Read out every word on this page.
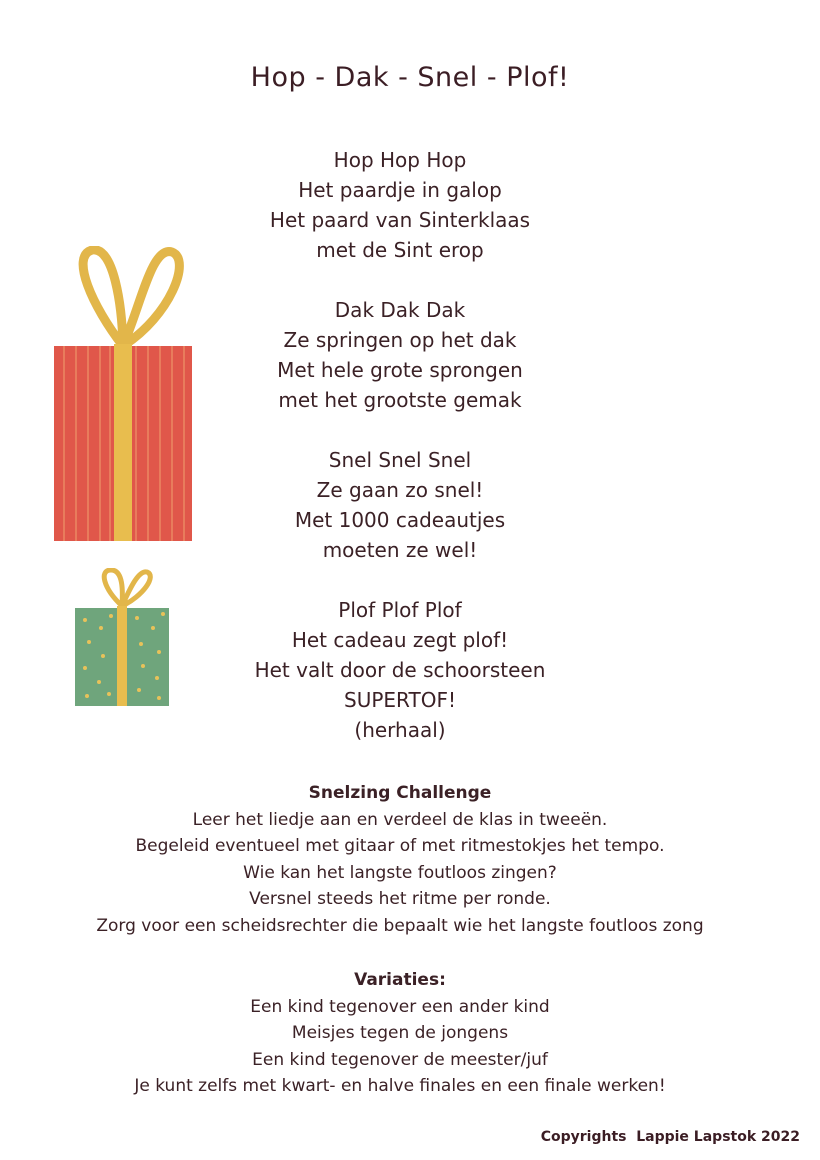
Hop - Dak - Snel - Plof!
Hop Hop Hop
Het paardje in galop
Het paard van Sinterklaas
met de Sint erop
Dak Dak Dak
Ze springen op het dak
Met hele grote sprongen
met het grootste gemak
Snel Snel Snel
Ze gaan zo snel!
Met 1000 cadeautjes
moeten ze wel!
Plof Plof Plof
Het cadeau zegt plof!
Het valt door de schoorsteen
SUPERTOF!
(herhaal)
Snelzing Challenge
Leer het liedje aan en verdeel de klas in tweeën.
Begeleid eventueel met gitaar of met ritmestokjes het tempo.
Wie kan het langste foutloos zingen?
Versnel steeds het ritme per ronde.
Zorg voor een scheidsrechter die bepaalt wie het langste foutloos zong
Variaties:
Een kind tegenover een ander kind
Meisjes tegen de jongens
Een kind tegenover de meester/juf
Je kunt zelfs met kwart- en halve finales en een finale werken!
Copyrights  Lappie Lapstok 2022
